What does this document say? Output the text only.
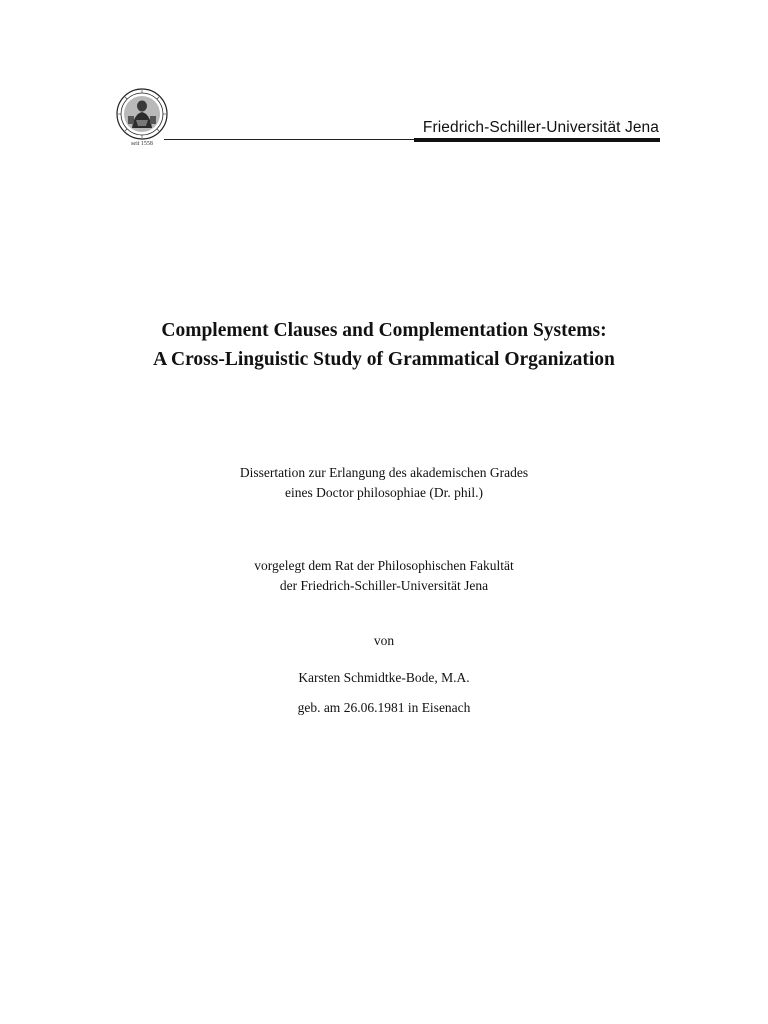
seit 1558
Friedrich-Schiller-Universität Jena
Complement Clauses and Complementation Systems:
A Cross-Linguistic Study of Grammatical Organization
Dissertation zur Erlangung des akademischen Grades
eines Doctor philosophiae (Dr. phil.)
vorgelegt dem Rat der Philosophischen Fakultät
der Friedrich-Schiller-Universität Jena
von
Karsten Schmidtke-Bode, M.A.
geb. am 26.06.1981 in Eisenach
